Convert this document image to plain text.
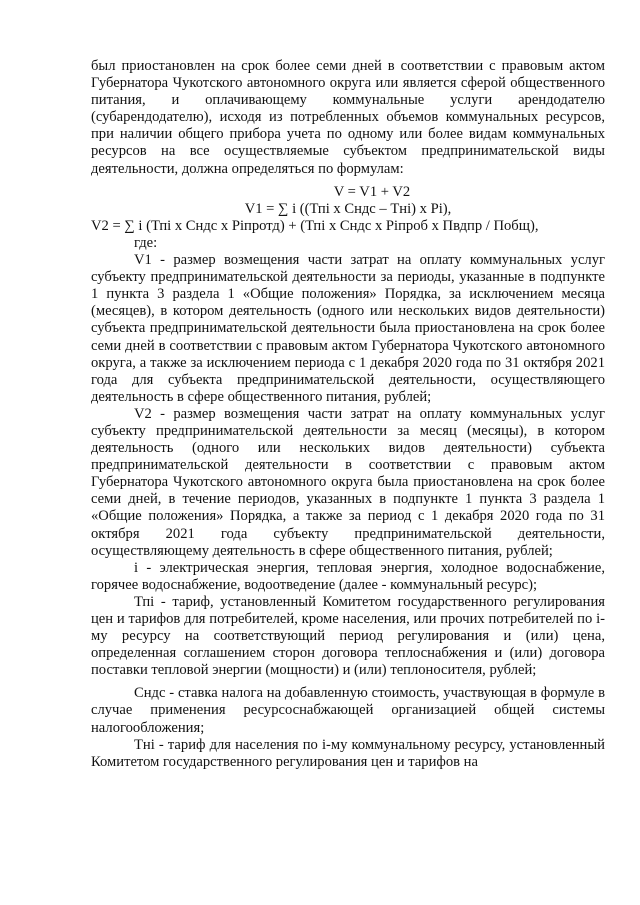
был приостановлен на срок более семи дней в соответствии с правовым актом Губернатора Чукотского автономного округа или является сферой общественного питания, и оплачивающему коммунальные услуги арендодателю (субарендодателю), исходя из потребленных объемов коммунальных ресурсов, при наличии общего прибора учета по одному или более видам коммунальных ресурсов на все осуществляемые субъектом предпринимательской виды деятельности, должна определяться по формулам:

V = V1 + V2

V1 = ∑ i ((Тпi х Сндс – Тнi) х Pi),

V2 = ∑ i (Тпi х Сндс х Piпротд) + (Тпi х Сндс х Piпроб х Пвдпр / Побщ),

где:

V1 - размер возмещения части затрат на оплату коммунальных услуг субъекту предпринимательской деятельности за периоды, указанные в подпункте 1 пункта 3 раздела 1 «Общие положения» Порядка, за исключением месяца (месяцев), в котором деятельность (одного или нескольких видов деятельности) субъекта предпринимательской деятельности была приостановлена на срок более семи дней в соответствии с правовым актом Губернатора Чукотского автономного округа, а также за исключением периода с 1 декабря 2020 года по 31 октября 2021 года для субъекта предпринимательской деятельности, осуществляющего деятельность в сфере общественного питания, рублей;

V2 - размер возмещения части затрат на оплату коммунальных услуг субъекту предпринимательской деятельности за месяц (месяцы), в котором деятельность (одного или нескольких видов деятельности) субъекта предпринимательской деятельности в соответствии с правовым актом Губернатора Чукотского автономного округа была приостановлена на срок более семи дней, в течение периодов, указанных в подпункте 1 пункта 3 раздела 1 «Общие положения» Порядка, а также за период с 1 декабря 2020 года по 31 октября 2021 года субъекту предпринимательской деятельности, осуществляющему деятельность в сфере общественного питания, рублей;

i - электрическая энергия, тепловая энергия, холодное водоснабжение, горячее водоснабжение, водоотведение (далее - коммунальный ресурс);

Тпi - тариф, установленный Комитетом государственного регулирования цен и тарифов для потребителей, кроме населения, или прочих потребителей по i-му ресурсу на соответствующий период регулирования и (или) цена, определенная соглашением сторон договора теплоснабжения и (или) договора поставки тепловой энергии (мощности) и (или) теплоносителя, рублей;

Сндс - ставка налога на добавленную стоимость, участвующая в формуле в случае применения ресурсоснабжающей организацией общей системы налогообложения;

Тнi - тариф для населения по i-му коммунальному ресурсу, установленный Комитетом государственного регулирования цен и тарифов на
